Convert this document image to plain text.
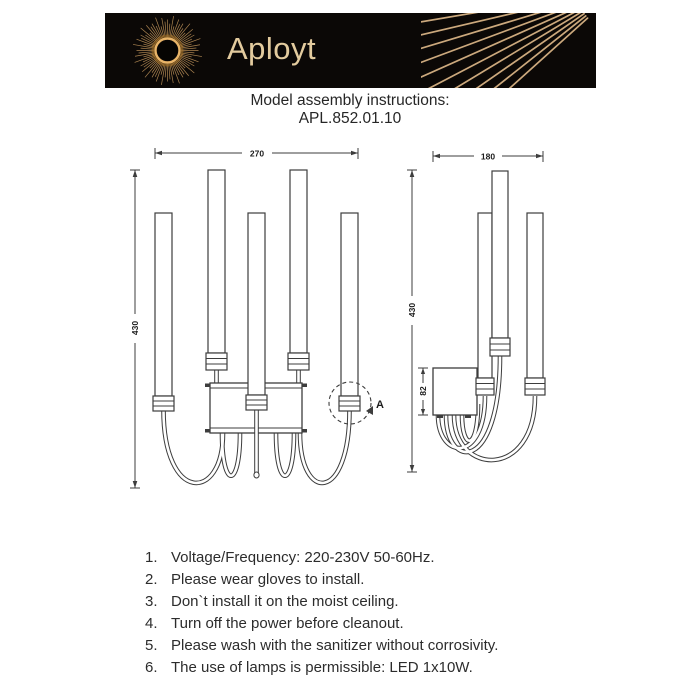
Aployt
Model assembly instructions:
APL.852.01.10
270
430
A
180
430
82
1. Voltage/Frequency: 220-230V 50-60Hz.
2. Please wear gloves to install.
3. Don`t install it on the moist ceiling.
4. Turn off the power before cleanout.
5. Please wash with the sanitizer without corrosivity.
6. The use of lamps is permissible: LED 1x10W.
